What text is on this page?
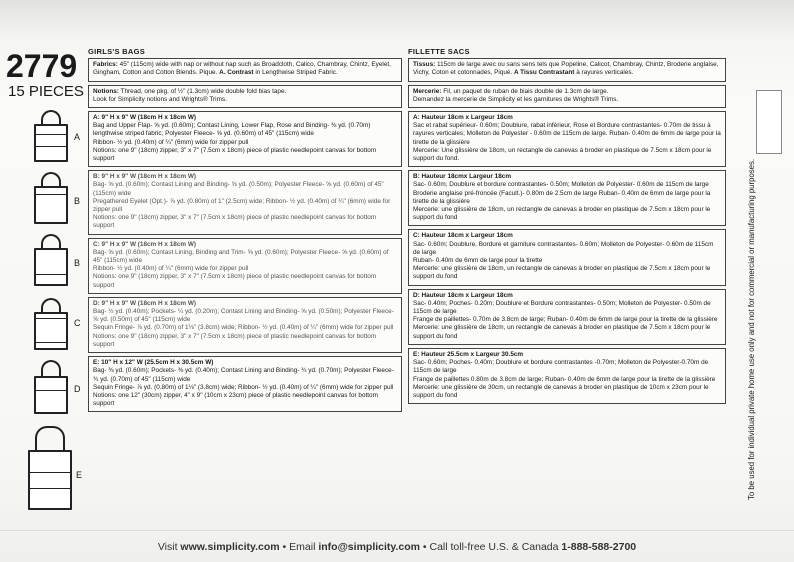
2779
15 PIECES
A
B
B
C
D
E
GIRLS'S BAGS
Fabrics: 45" (115cm) wide with nap or without nap such as Broadcloth, Calico, Chambray, Chintz, Eyelet, Gingham, Cotton and Cotton Blends. Pique. A. Contrast in Lengthwise Striped Fabric.
Notions: Thread, one pkg. of ½" (1.3cm) wide double fold bias tape.
Look for Simplicity notions and Wrights® Trims.
A: 9" H x 9" W (18cm H x 18cm W)
Bag and Upper Flap- ⅝ yd. (0.60m); Contast Lining, Lower Flap, Rose and Binding- ⅜ yd. (0.70m) lengthwise striped fabric; Polyester Fleece- ⅝ yd. (0.60m) of 45" (115cm) wide
Ribbon- ½ yd. (0.40m) of ¼" (6mm) wide for zipper pull
Notions: one 9" (18cm) zipper, 3" x 7" (7.5cm x 18cm) piece of plastic needlepoint canvas for bottom support
B: 9" H x 9" W (18cm H x 18cm W)
Bag- ⅝ yd. (0.60m); Contast Lining and Binding- ⅝ yd. (0.50m); Polyester Fleece- ⅝ yd. (0.60m) of 45" (115cm) wide
Pregathered Eyelet (Opt.)- ⅞ yd. (0.80m) of 1" (2.5cm) wide; Ribbon- ½ yd. (0.40m) of ¼" (6mm) wide for zipper pull
Notions: one 9" (18cm) zipper, 3" x 7" (7.5cm x 18cm) piece of plastic needlepoint canvas for bottom support
C: 9" H x 9" W (18cm H x 18cm W)
Bag- ⅝ yd. (0.60m); Contast Lining, Binding and Trim- ⅝ yd. (0.60m); Polyester Fleece- ⅝ yd. (0.60m) of 45" (115cm) wide
Ribbon- ½ yd. (0.40m) of ¼" (6mm) wide for zipper pull
Notions: one 9" (18cm) zipper, 3" x 7" (7.5cm x 18cm) piece of plastic needlepoint canvas for bottom support
D: 9" H x 9" W (18cm H x 18cm W)
Bag- ½ yd. (0.40m); Pockets- ¼ yd. (0.20m); Contast Lining and Binding- ⅝ yd. (0.50m); Polyester Fleece- ⅝ yd. (0.50m) of 45" (115cm) wide
Sequin Fringe- ⅞ yd. (0.70m) of 1⅛" (3.8cm) wide; Ribbon- ½ yd. (0.40m) of ¼" (6mm) wide for zipper pull
Notions: one 9" (18cm) zipper, 3" x 7" (7.5cm x 18cm) piece of plastic needlepoint canvas for bottom support
E: 10" H x 12" W (25.5cm H x 30.5cm W)
Bag- ⅜ yd. (0.60m); Pockets- ⅜ yd. (0.40m); Contast Lining and Binding- ¾ yd. (0.70m); Polyester Fleece- ¾ yd. (0.70m) of 45" (115cm) wide
Sequin Fringe- ⅞ yd. (0.80m) of 1⅛" (3.8cm) wide; Ribbon- ½ yd. (0.40m) of ¼" (6mm) wide for zipper pull
Notions: one 12" (30cm) zipper, 4" x 9" (10cm x 23cm) piece of plastic needlepoint canvas for bottom support
FILLETTE SACS
Tissus: 115cm de large avec ou sans sens tels que Popeline, Calicot, Chambray, Chintz, Broderie anglaise, Vichy, Coton et cotonnades, Piqué. A Tissu Contrastant à rayures verticales.
Mercerie: Fil, un paquet de ruban de biais double de 1.3cm de large.
Demandez la mercerie de Simplicity et les garnitures de Wrights® Trims.
A: Hauteur 18cm x Largeur 18cm
Sac et rabat supérieur- 0.60m; Doublure, rabat inférieur, Rose et Bordure contrastantes- 0.70m de tissu à rayures verticales; Molleton de Polyester - 0.60m de 115cm de large. Ruban- 0.40m de 6mm de large pour la tirette de la glissière
Mercerie: Une glissière de 18cm, un rectangle de canevas à broder en plastique de 7.5cm x 18cm pour le support du fond.
B: Hauteur 18cmx Largeur 18cm
Sac- 0.60m; Doublure et bordure contrastantes- 0.50m; Molleton de Polyester- 0.60m de 115cm de large
Broderie anglaise pré-froncée (Facult.)- 0.80m de 2.5cm de large Ruban- 0.40m de 6mm de large pour la tirette de la glissière
Mercerie: une glissière de 18cm, un rectangle de canevas à broder en plastique de 7.5cm x 18cm pour le support du fond
C: Hauteur 18cm x Largeur 18cm
Sac- 0.60m; Doublure, Bordure et garniture contrastantes- 0.60m; Molleton de Polyester- 0.60m de 115cm de large
Ruban- 0.40m de 6mm de large pour la tirette
Mercerie: une glissière de 18cm, un rectangle de canevas à broder en plastique de 7.5cm x 18cm pour le support du fond
D: Hauteur 18cm x Largeur 18cm
Sac- 0.40m; Poches- 0.20m; Doublure et Bordure contrastantes- 0.50m; Molleton de Polyester- 0.50m de 115cm de large
Frange de paillettes- 0.70m de 3.8cm de large; Ruban- 0.40m de 6mm de large pour la tirette de la glissière
Mercerie: une glissière de 18cm, un rectangle de canevas à broder en plastique de 7.5cm x 18cm pour le support du fond
E: Hauteur 25.5cm x Largeur 30.5cm
Sac- 0.60m; Poches- 0.40m; Doublure et bordure contrastantes -0.70m; Molleton de Polyester-0.70m de 115cm de large
Frange de paillettes 0.80m de 3.8cm de large; Ruban- 0.40m de 6mm de large pour la tirette de la glissière
Mercerie: une glissière de 30cm, un rectangle de canevas à broder en plastique de 10cm x 23cm pour le support du fond	To be used for individual private home use only and not for commercial or manufacturing purposes.
Visit www.simplicity.com • Email info@simplicity.com • Call toll-free U.S. & Canada 1-888-588-2700
